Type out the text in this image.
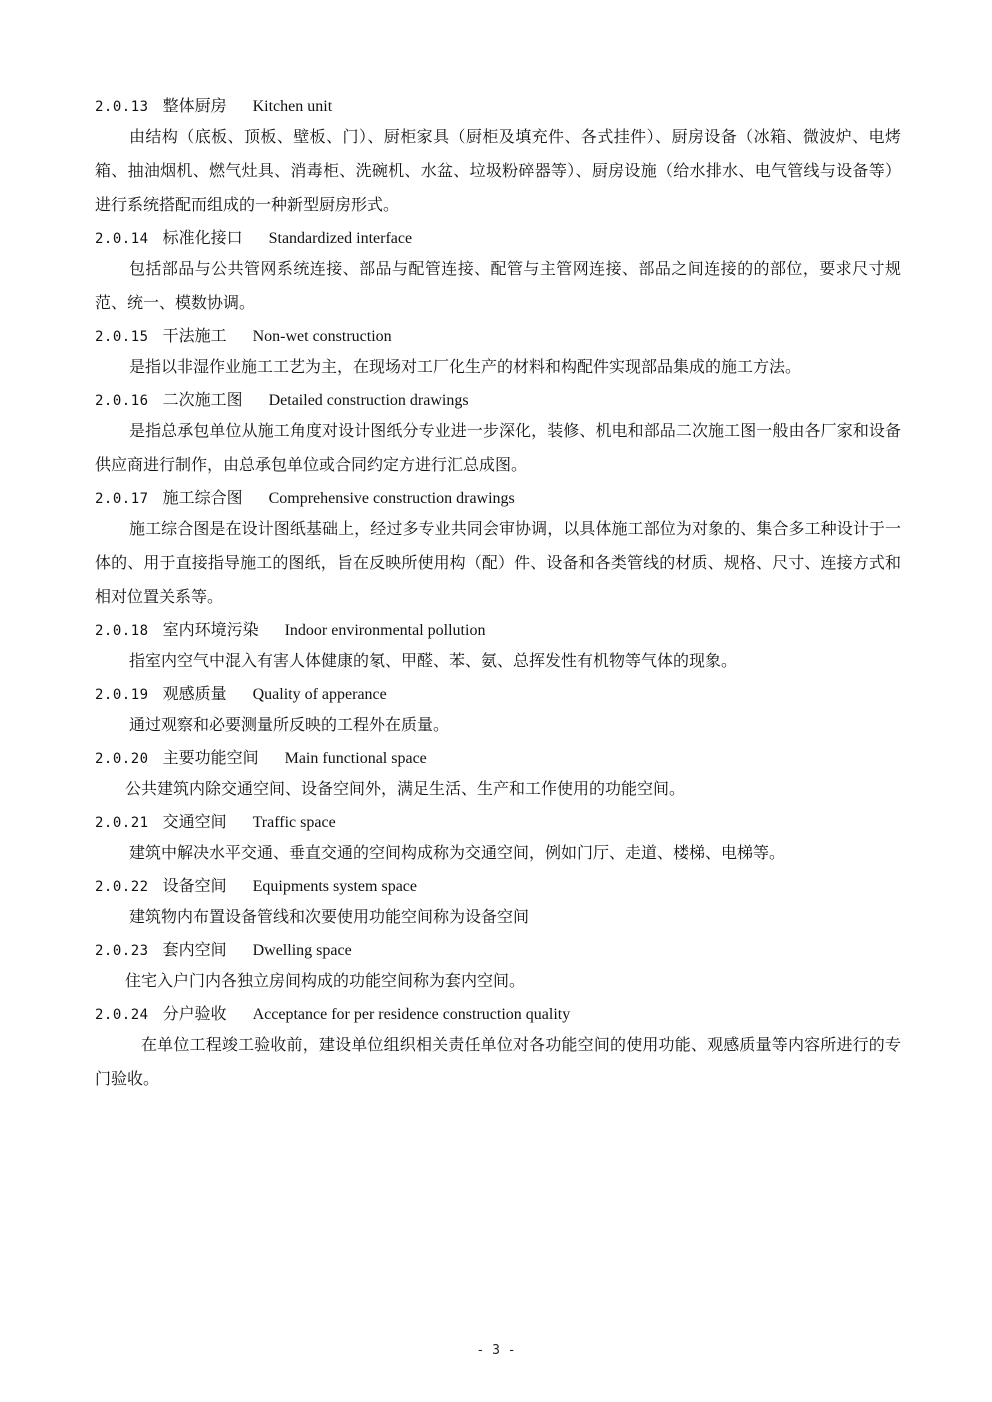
2.0.13 整体厨房 Kitchen unit

由结构（底板、顶板、壁板、门）、厨柜家具（厨柜及填充件、各式挂件）、厨房设备（冰箱、微波炉、电烤箱、抽油烟机、燃气灶具、消毒柜、洗碗机、水盆、垃圾粉碎器等）、厨房设施（给水排水、电气管线与设备等）进行系统搭配而组成的一种新型厨房形式。

2.0.14 标准化接口 Standardized interface

包括部品与公共管网系统连接、部品与配管连接、配管与主管网连接、部品之间连接的的部位，要求尺寸规范、统一、模数协调。

2.0.15 干法施工 Non-wet construction

是指以非湿作业施工工艺为主，在现场对工厂化生产的材料和构配件实现部品集成的施工方法。

2.0.16 二次施工图 Detailed construction drawings

是指总承包单位从施工角度对设计图纸分专业进一步深化，装修、机电和部品二次施工图一般由各厂家和设备供应商进行制作，由总承包单位或合同约定方进行汇总成图。

2.0.17 施工综合图 Comprehensive construction drawings

施工综合图是在设计图纸基础上，经过多专业共同会审协调，以具体施工部位为对象的、集合多工种设计于一体的、用于直接指导施工的图纸，旨在反映所使用构（配）件、设备和各类管线的材质、规格、尺寸、连接方式和相对位置关系等。

2.0.18 室内环境污染 Indoor environmental pollution

指室内空气中混入有害人体健康的氡、甲醛、苯、氨、总挥发性有机物等气体的现象。

2.0.19 观感质量 Quality of apperance

通过观察和必要测量所反映的工程外在质量。

2.0.20 主要功能空间 Main functional space

公共建筑内除交通空间、设备空间外，满足生活、生产和工作使用的功能空间。

2.0.21 交通空间 Traffic space

建筑中解决水平交通、垂直交通的空间构成称为交通空间，例如门厅、走道、楼梯、电梯等。

2.0.22 设备空间 Equipments system space

建筑物内布置设备管线和次要使用功能空间称为设备空间

2.0.23 套内空间 Dwelling space

住宅入户门内各独立房间构成的功能空间称为套内空间。

2.0.24 分户验收 Acceptance for per residence construction quality

在单位工程竣工验收前，建设单位组织相关责任单位对各功能空间的使用功能、观感质量等内容所进行的专门验收。

- 3 -
